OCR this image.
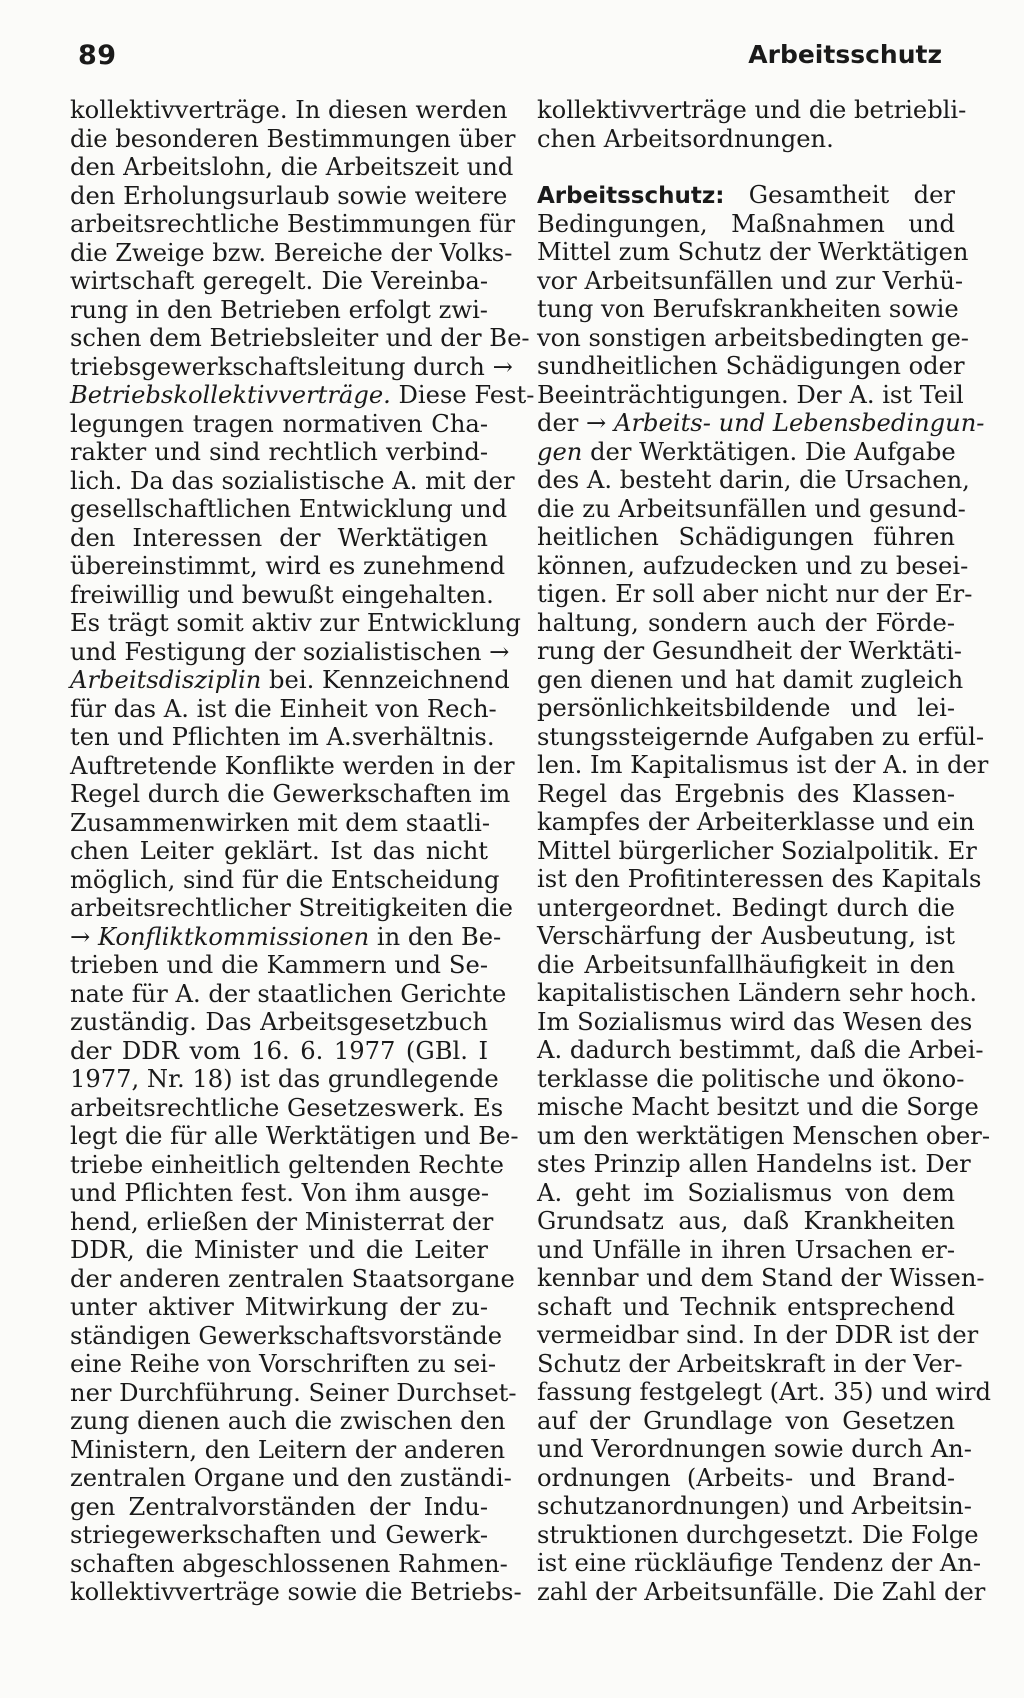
89	Arbeitsschutz
kollektivverträge. In diesen werden
die besonderen Bestimmungen über
den Arbeitslohn, die Arbeitszeit und
den Erholungsurlaub sowie weitere
arbeitsrechtliche Bestimmungen für
die Zweige bzw. Bereiche der Volks-
wirtschaft geregelt. Die Vereinba-
rung in den Betrieben erfolgt zwi-
schen dem Betriebsleiter und der Be-
triebsgewerkschaftsleitung durch →
Betriebskollektivverträge. Diese Fest-
legungen tragen normativen Cha-
rakter und sind rechtlich verbind-
lich. Da das sozialistische A. mit der
gesellschaftlichen Entwicklung und
den Interessen der Werktätigen
übereinstimmt, wird es zunehmend
freiwillig und bewußt eingehalten.
Es trägt somit aktiv zur Entwicklung
und Festigung der sozialistischen →
Arbeitsdisziplin bei. Kennzeichnend
für das A. ist die Einheit von Rech-
ten und Pflichten im A.sverhältnis.
Auftretende Konflikte werden in der
Regel durch die Gewerkschaften im
Zusammenwirken mit dem staatli-
chen Leiter geklärt. Ist das nicht
möglich, sind für die Entscheidung
arbeitsrechtlicher Streitigkeiten die
→ Konfliktkommissionen in den Be-
trieben und die Kammern und Se-
nate für A. der staatlichen Gerichte
zuständig. Das Arbeitsgesetzbuch
der DDR vom 16. 6. 1977 (GBl. I
1977, Nr. 18) ist das grundlegende
arbeitsrechtliche Gesetzeswerk. Es
legt die für alle Werktätigen und Be-
triebe einheitlich geltenden Rechte
und Pflichten fest. Von ihm ausge-
hend, erließen der Ministerrat der
DDR, die Minister und die Leiter
der anderen zentralen Staatsorgane
unter aktiver Mitwirkung der zu-
ständigen Gewerkschaftsvorstände
eine Reihe von Vorschriften zu sei-
ner Durchführung. Seiner Durchset-
zung dienen auch die zwischen den
Ministern, den Leitern der anderen
zentralen Organe und den zuständi-
gen Zentralvorständen der Indu-
striegewerkschaften und Gewerk-
schaften abgeschlossenen Rahmen-
kollektivverträge sowie die Betriebs-
kollektivverträge und die betriebli-
chen Arbeitsordnungen.
Arbeitsschutz: Gesamtheit der
Bedingungen, Maßnahmen und
Mittel zum Schutz der Werktätigen
vor Arbeitsunfällen und zur Verhü-
tung von Berufskrankheiten sowie
von sonstigen arbeitsbedingten ge-
sundheitlichen Schädigungen oder
Beeinträchtigungen. Der A. ist Teil
der → Arbeits- und Lebensbedingun-
gen der Werktätigen. Die Aufgabe
des A. besteht darin, die Ursachen,
die zu Arbeitsunfällen und gesund-
heitlichen Schädigungen führen
können, aufzudecken und zu besei-
tigen. Er soll aber nicht nur der Er-
haltung, sondern auch der Förde-
rung der Gesundheit der Werktäti-
gen dienen und hat damit zugleich
persönlichkeitsbildende und lei-
stungssteigernde Aufgaben zu erfül-
len. Im Kapitalismus ist der A. in der
Regel das Ergebnis des Klassen-
kampfes der Arbeiterklasse und ein
Mittel bürgerlicher Sozialpolitik. Er
ist den Profitinteressen des Kapitals
untergeordnet. Bedingt durch die
Verschärfung der Ausbeutung, ist
die Arbeitsunfallhäufigkeit in den
kapitalistischen Ländern sehr hoch.
Im Sozialismus wird das Wesen des
A. dadurch bestimmt, daß die Arbei-
terklasse die politische und ökono-
mische Macht besitzt und die Sorge
um den werktätigen Menschen ober-
stes Prinzip allen Handelns ist. Der
A. geht im Sozialismus von dem
Grundsatz aus, daß Krankheiten
und Unfälle in ihren Ursachen er-
kennbar und dem Stand der Wissen-
schaft und Technik entsprechend
vermeidbar sind. In der DDR ist der
Schutz der Arbeitskraft in der Ver-
fassung festgelegt (Art. 35) und wird
auf der Grundlage von Gesetzen
und Verordnungen sowie durch An-
ordnungen (Arbeits- und Brand-
schutzanordnungen) und Arbeitsin-
struktionen durchgesetzt. Die Folge
ist eine rückläufige Tendenz der An-
zahl der Arbeitsunfälle. Die Zahl der
